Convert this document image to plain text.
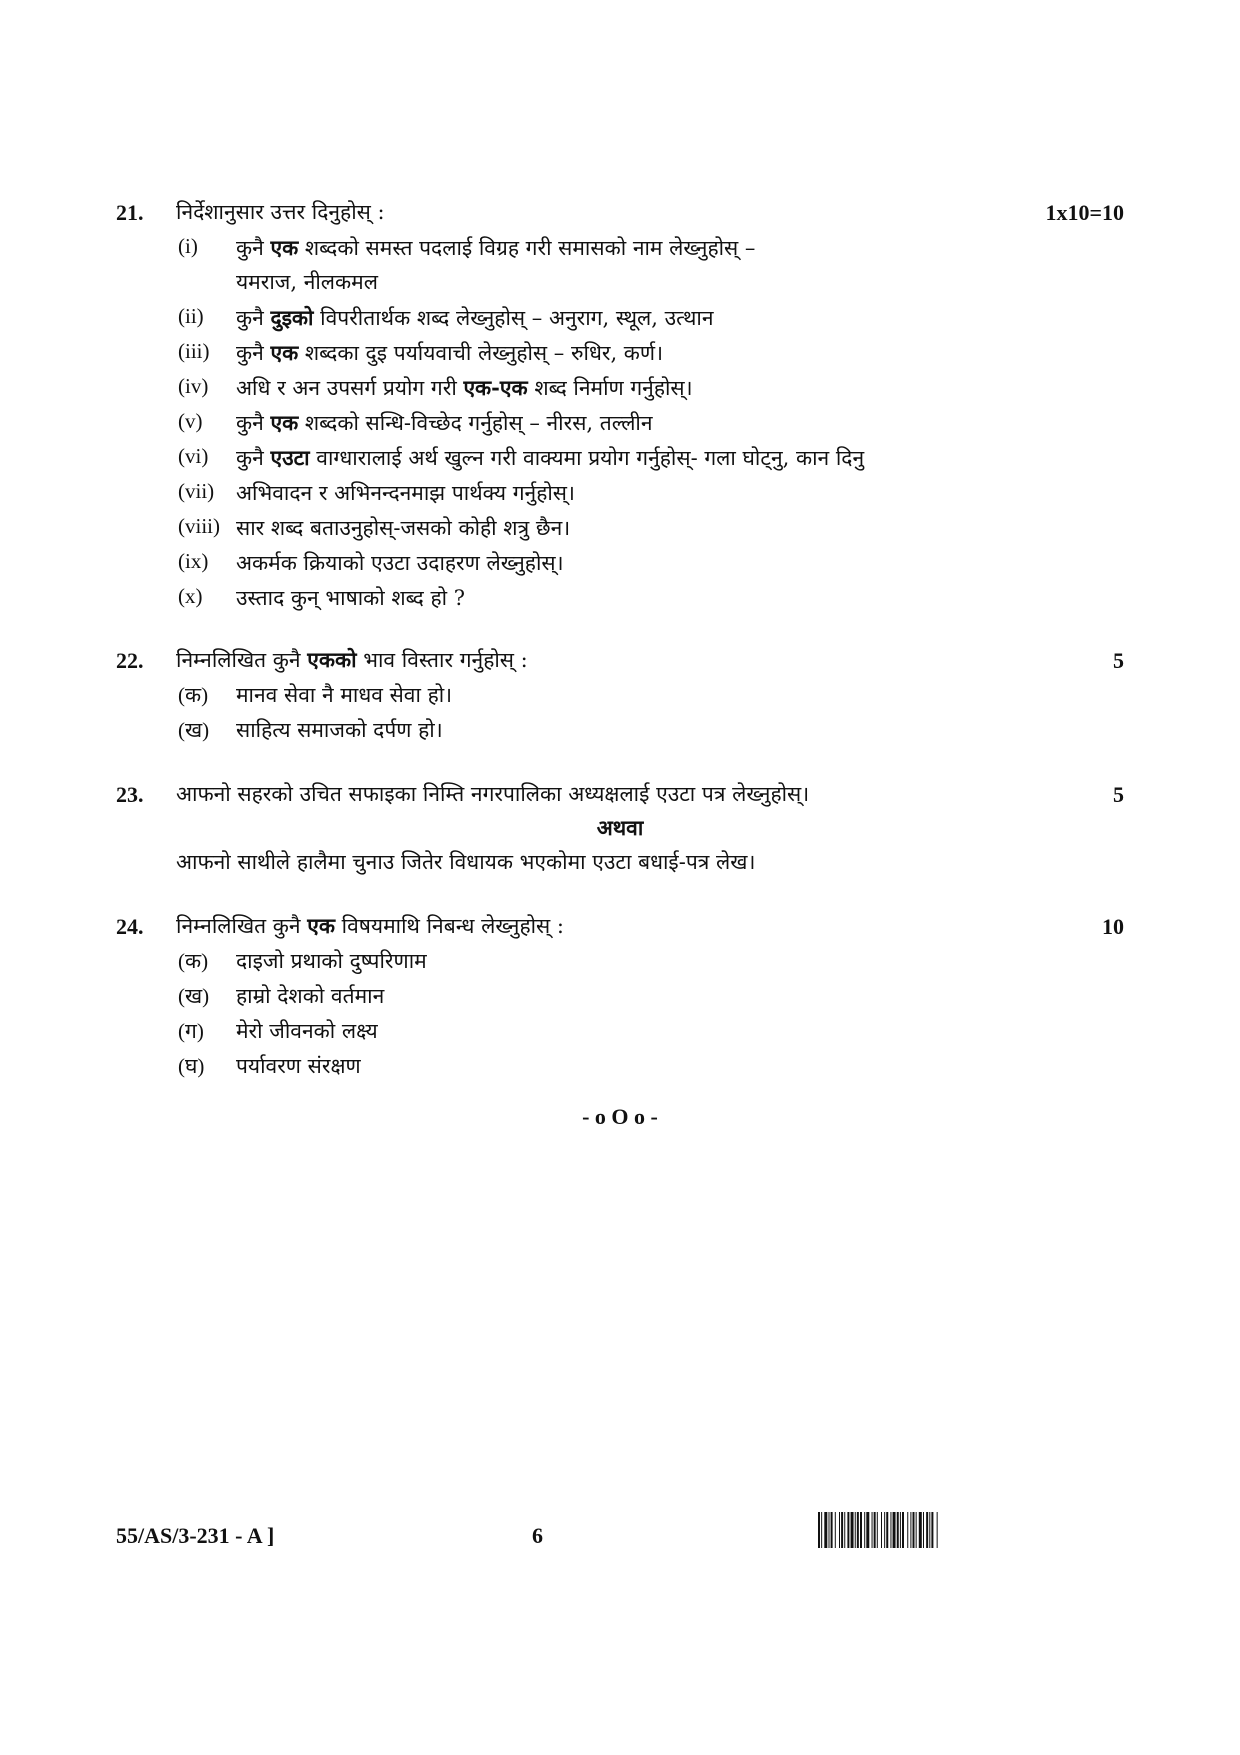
21. निर्देशानुसार उत्तर दिनुहोस् :	1x10=10
(i) कुनै एक शब्दको समस्त पदलाई विग्रह गरी समासको नाम लेख्नुहोस् –
यमराज, नीलकमल
(ii) कुनै दुइको विपरीतार्थक शब्द लेख्नुहोस् – अनुराग, स्थूल, उत्थान
(iii) कुनै एक शब्दका दुइ पर्यायवाची लेख्नुहोस् – रुधिर, कर्ण।
(iv) अधि र अन उपसर्ग प्रयोग गरी एक-एक शब्द निर्माण गर्नुहोस्।
(v) कुनै एक शब्दको सन्धि-विच्छेद गर्नुहोस् – नीरस, तल्लीन
(vi) कुनै एउटा वाग्धारालाई अर्थ खुल्न गरी वाक्यमा प्रयोग गर्नुहोस्- गला घोट्नु, कान दिनु
(vii) अभिवादन र अभिनन्दनमाझ पार्थक्य गर्नुहोस्।
(viii) सार शब्द बताउनुहोस्-जसको कोही शत्रु छैन।
(ix) अकर्मक क्रियाको एउटा उदाहरण लेख्नुहोस्।
(x) उस्ताद कुन् भाषाको शब्द हो ?
22. निम्नलिखित कुनै एकको भाव विस्तार गर्नुहोस् :	5
(क) मानव सेवा नै माधव सेवा हो।
(ख) साहित्य समाजको दर्पण हो।
23. आफनो सहरको उचित सफाइका निम्ति नगरपालिका अध्यक्षलाई एउटा पत्र लेख्नुहोस्।	5
अथवा
आफनो साथीले हालैमा चुनाउ जितेर विधायक भएकोमा एउटा बधाई-पत्र लेख।
24. निम्नलिखित कुनै एक विषयमाथि निबन्ध लेख्नुहोस् :	10
(क) दाइजो प्रथाको दुष्परिणाम
(ख) हाम्रो देशको वर्तमान
(ग) मेरो जीवनको लक्ष्य
(घ) पर्यावरण संरक्षण
- o O o -
55/AS/3-231 - A ]	6
